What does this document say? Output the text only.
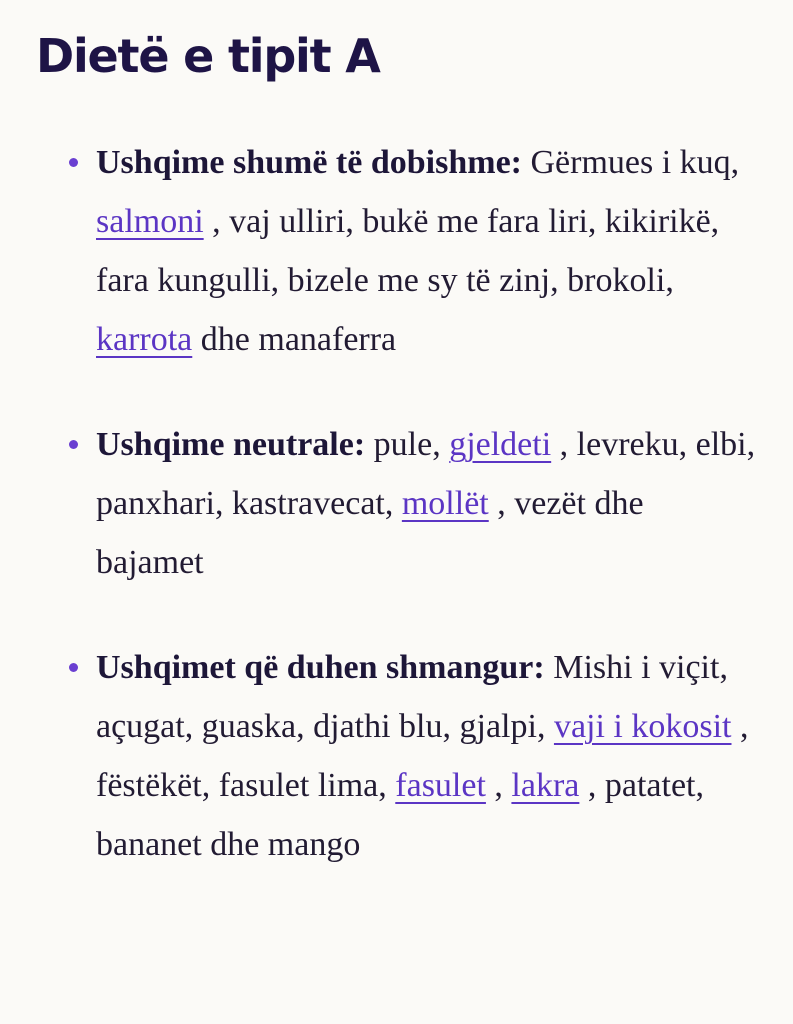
Dietë e tipit A
Ushqime shumë të dobishme: Gërmues i kuq, salmoni , vaj ulliri, bukë me fara liri, kikirikë, fara kungulli, bizele me sy të zinj, brokoli, karrota dhe manaferra
Ushqime neutrale: pule, gjeldeti , levreku, elbi, panxhari, kastravecat, mollët , vezët dhe bajamet
Ushqimet që duhen shmangur: Mishi i viçit, açugat, guaska, djathi blu, gjalpi, vaji i kokosit , fëstëkët, fasulet lima, fasulet , lakra , patatet, bananet dhe mango
